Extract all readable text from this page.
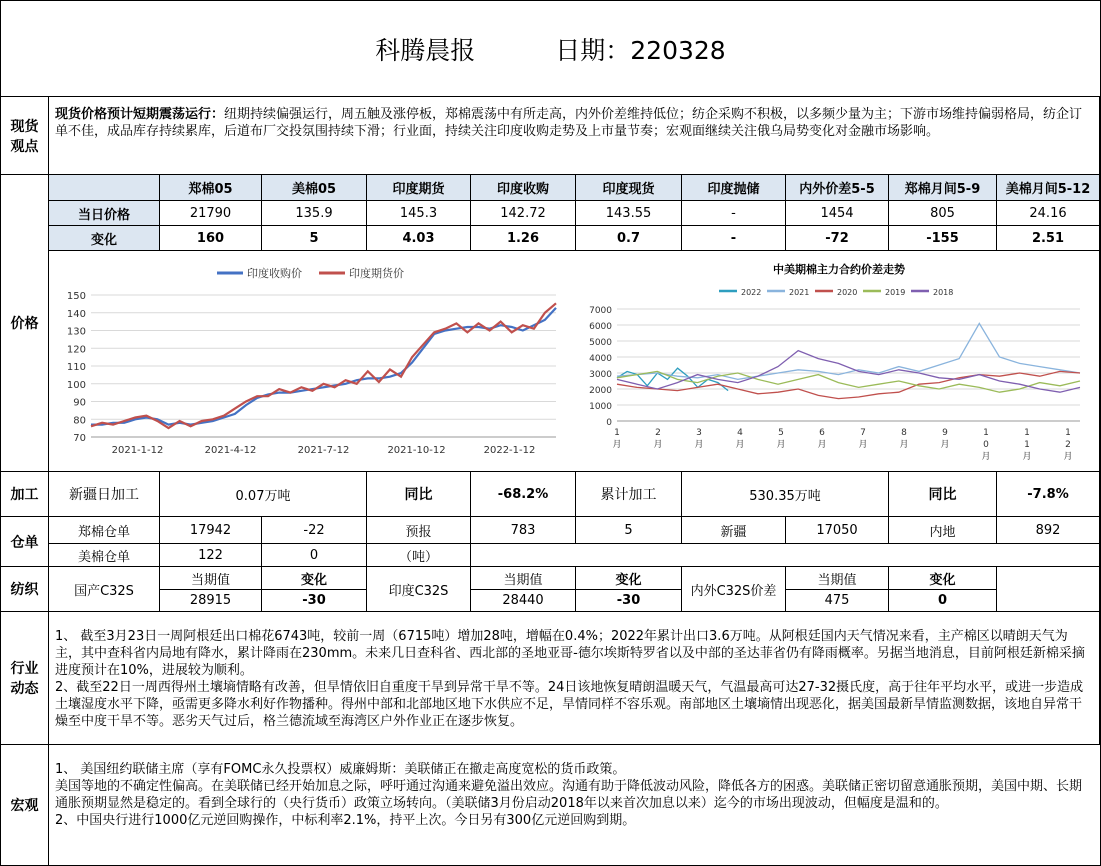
科腾晨报	日期：220328
现货观点
现货价格预计短期震荡运行：纽期持续偏强运行，周五触及涨停板，郑棉震荡中有所走高，内外价差维持低位；纺企采购不积极，以多频少量为主；下游市场维持偏弱格局，纺企订单不佳，成品库存持续累库，后道布厂交投氛围持续下滑；行业面，持续关注印度收购走势及上市量节奏；宏观面继续关注俄乌局势变化对金融市场影响。
价格
郑棉05	美棉05	印度期货	印度收购	印度现货	印度抛储	内外价差5-5	郑棉月间5-9	美棉月间5-12
当日价格	21790	135.9	145.3	142.72	143.55	-	1454	805	24.16
变化	160	5	4.03	1.26	0.7	-	-72	-155	2.51
70
80
90
100
110
120
130
140
150
2021-1-12	2021-4-12	2021-7-12	2021-10-12	2022-1-12
印度收购价	印度期货价
0
1000
2000
3000
4000
5000
6000
7000
1
月
2
月
3
月
4
月
5
月
6
月
7
月
8
月
9
月
1
0
月
1
1
月
1
2
月
2022	2021	2020	2019	2018
中美期棉主力合约价差走势
加工	新疆日加工	0.07万吨	同比	-68.2%	累计加工	530.35万吨	同比	-7.8%
仓单
郑棉仓单	17942	-22	预报	783	5	新疆	17050	内地	892
美棉仓单	122	0	（吨）
纺织	国产C32S
当期值	变化
28915	-30
印度C32S
当期值	变化
28440	-30
内外C32S价差
当期值	变化
475	0
行业动态

1、 截至3月23日一周阿根廷出口棉花6743吨，较前一周（6715吨）增加28吨，增幅在0.4%；2022年累计出口3.6万吨。从阿根廷国内天气情况来看，主产棉区以晴朗天气为主，其中查科省内局地有降水，累计降雨在230mm。未来几日查科省、西北部的圣地亚哥-德尔埃斯特罗省以及中部的圣达菲省仍有降雨概率。另据当地消息，目前阿根廷新棉采摘进度预计在10%，进展较为顺利。

2、截至22日一周西得州土壤墒情略有改善，但旱情依旧自重度干旱到异常干旱不等。24日该地恢复晴朗温暖天气，气温最高可达27-32摄氏度，高于往年平均水平，或进一步造成土壤湿度水平下降，亟需更多降水利好作物播种。得州中部和北部地区地下水供应不足，旱情同样不容乐观。南部地区土壤墒情出现恶化，据美国最新旱情监测数据，该地自异常干燥至中度干旱不等。恶劣天气过后，格兰德流域至海湾区户外作业正在逐步恢复。

宏观

1、 美国纽约联储主席（享有FOMC永久投票权）威廉姆斯：美联储正在撤走高度宽松的货币政策。

美国等地的不确定性偏高。在美联储已经开始加息之际，呼吁通过沟通来避免溢出效应。沟通有助于降低波动风险，降低各方的困惑。美联储正密切留意通胀预期，美国中期、长期通胀预期显然是稳定的。看到全球行的（央行货币）政策立场转向。（美联储3月份启动2018年以来首次加息以来）迄今的市场出现波动，但幅度是温和的。

2、中国央行进行1000亿元逆回购操作，中标利率2.1%，持平上次。今日另有300亿元逆回购到期。
